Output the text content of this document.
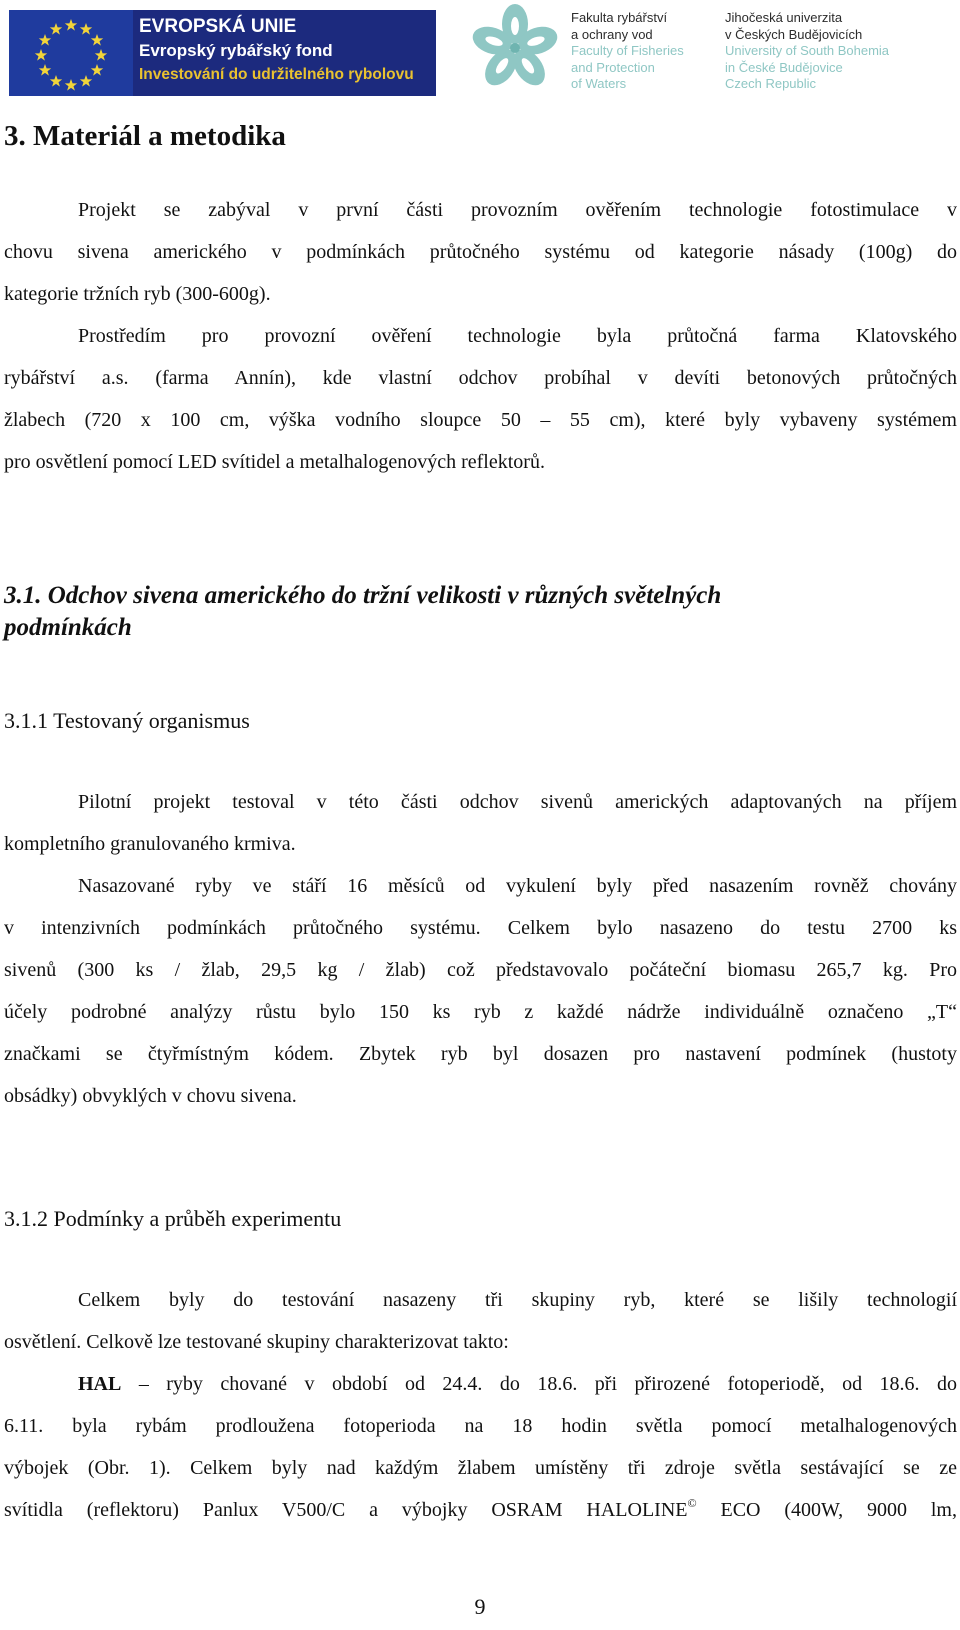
EVROPSKÁ UNIE
Evropský rybářský fond
Investování do udržitelného rybolovu
Fakulta rybářství
a ochrany vod
Faculty of Fisheries
and Protection
of Waters
Jihočeská univerzita
v Českých Budějovicích
University of South Bohemia
in České Budějovice
Czech Republic
3. Materiál a metodika
Projekt se zabýval v první části provozním ověřením technologie fotostimulace v
chovu sivena amerického v podmínkách průtočného systému od kategorie násady (100g) do
kategorie tržních ryb (300-600g).
Prostředím pro provozní ověření technologie byla průtočná farma Klatovského
rybářství a.s. (farma Annín), kde vlastní odchov probíhal v devíti betonových průtočných
žlabech (720 x 100 cm, výška vodního sloupce 50 – 55 cm), které byly vybaveny systémem
pro osvětlení pomocí LED svítidel a metalhalogenových reflektorů.
3.1. Odchov sivena amerického do tržní velikosti v různých světelných
podmínkách
3.1.1 Testovaný organismus
Pilotní projekt testoval v této části odchov sivenů amerických adaptovaných na příjem
kompletního granulovaného krmiva.
Nasazované ryby ve stáří 16 měsíců od vykulení byly před nasazením rovněž chovány
v intenzivních podmínkách průtočného systému. Celkem bylo nasazeno do testu 2700 ks
sivenů (300 ks / žlab, 29,5 kg / žlab) což představovalo počáteční biomasu 265,7 kg. Pro
účely podrobné analýzy růstu bylo 150 ks ryb z každé nádrže individuálně označeno „T“
značkami se čtyřmístným kódem. Zbytek ryb byl dosazen pro nastavení podmínek (hustoty
obsádky) obvyklých v chovu sivena.
3.1.2 Podmínky a průběh experimentu
Celkem byly do testování nasazeny tři skupiny ryb, které se lišily technologií
osvětlení. Celkově lze testované skupiny charakterizovat takto:
HAL – ryby chované v období od 24.4. do 18.6. při přirozené fotoperiodě, od 18.6. do
6.11. byla rybám prodloužena fotoperioda na 18 hodin světla pomocí metalhalogenových
výbojek (Obr. 1). Celkem byly nad každým žlabem umístěny tři zdroje světla sestávající se ze
svítidla (reflektoru) Panlux V500/C a výbojky OSRAM HALOLINE© ECO (400W, 9000 lm,
9
